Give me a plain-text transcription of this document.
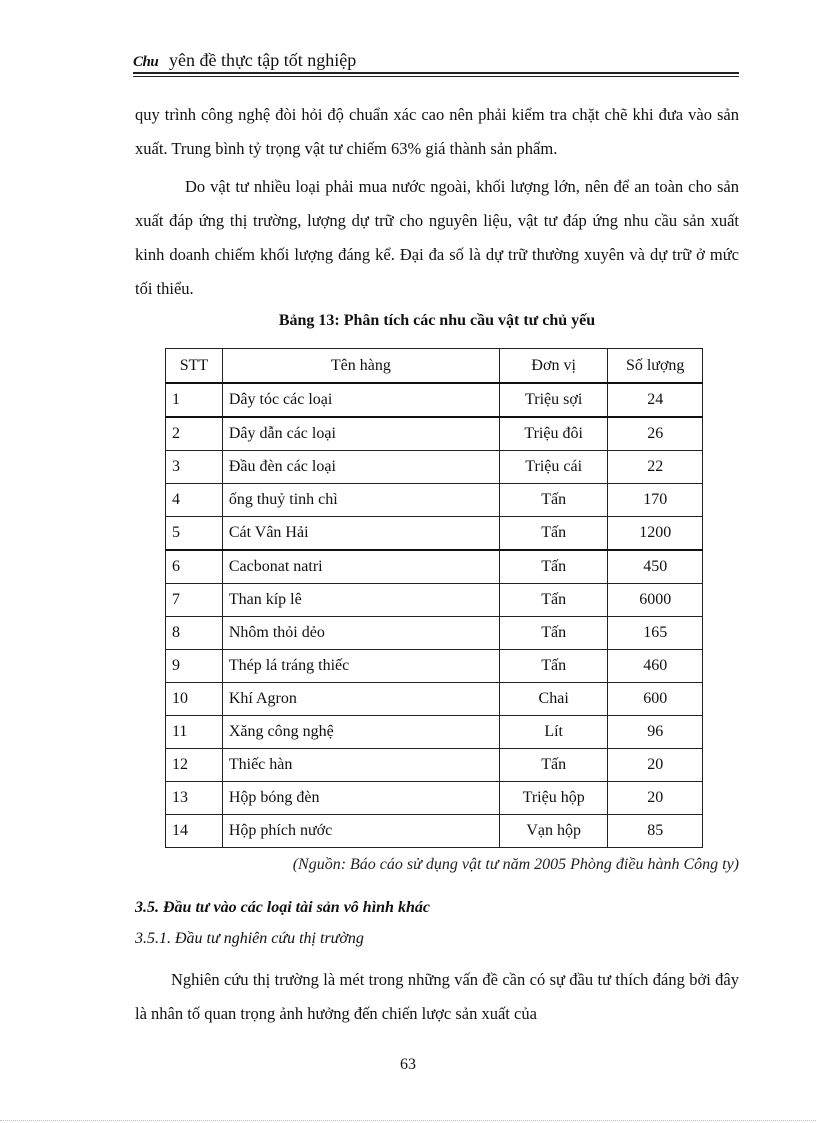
Chu yên đề thực tập tốt nghiệp

quy trình công nghệ đòi hỏi độ chuẩn xác cao nên phải kiểm tra chặt chẽ khi đưa vào sản xuất. Trung bình tỷ trọng vật tư chiếm 63% giá thành sản phẩm.

Do vật tư nhiều loại phải mua nước ngoài, khối lượng lớn, nên để an toàn cho sản xuất đáp ứng thị trường, lượng dự trữ cho nguyên liệu, vật tư đáp ứng nhu cầu sản xuất kinh doanh chiếm khối lượng đáng kể. Đại đa số là dự trữ thường xuyên và dự trữ ở mức tối thiểu.

Bảng 13: Phân tích các nhu cầu vật tư chủ yếu
STT	Tên hàng	Đơn vị	Số lượng
1	Dây tóc các loại	Triệu sợi	24
2	Dây dẫn các loại	Triệu đôi	26
3	Đầu đèn các loại	Triệu cái	22
4	ống thuỷ tinh chì	Tấn	170
5	Cát Vân Hải	Tấn	1200
6	Cacbonat natri	Tấn	450
7	Than kíp lê	Tấn	6000
8	Nhôm thỏi dẻo	Tấn	165
9	Thép lá tráng thiếc	Tấn	460
10	Khí Agron	Chai	600
11	Xăng công nghệ	Lít	96
12	Thiếc hàn	Tấn	20
13	Hộp bóng đèn	Triệu hộp	20
14	Hộp phích nước	Vạn hộp	85
(Nguồn: Báo cáo sử dụng vật tư năm 2005 Phòng điều hành Công ty)
3.5. Đầu tư vào các loại tài sản vô hình khác
3.5.1. Đầu tư nghiên cứu thị trường

Nghiên cứu thị trường là mét trong những vấn đề cần có sự đầu tư thích đáng bởi đây là nhân tố quan trọng ảnh hưởng đến chiến lược sản xuất của

63
